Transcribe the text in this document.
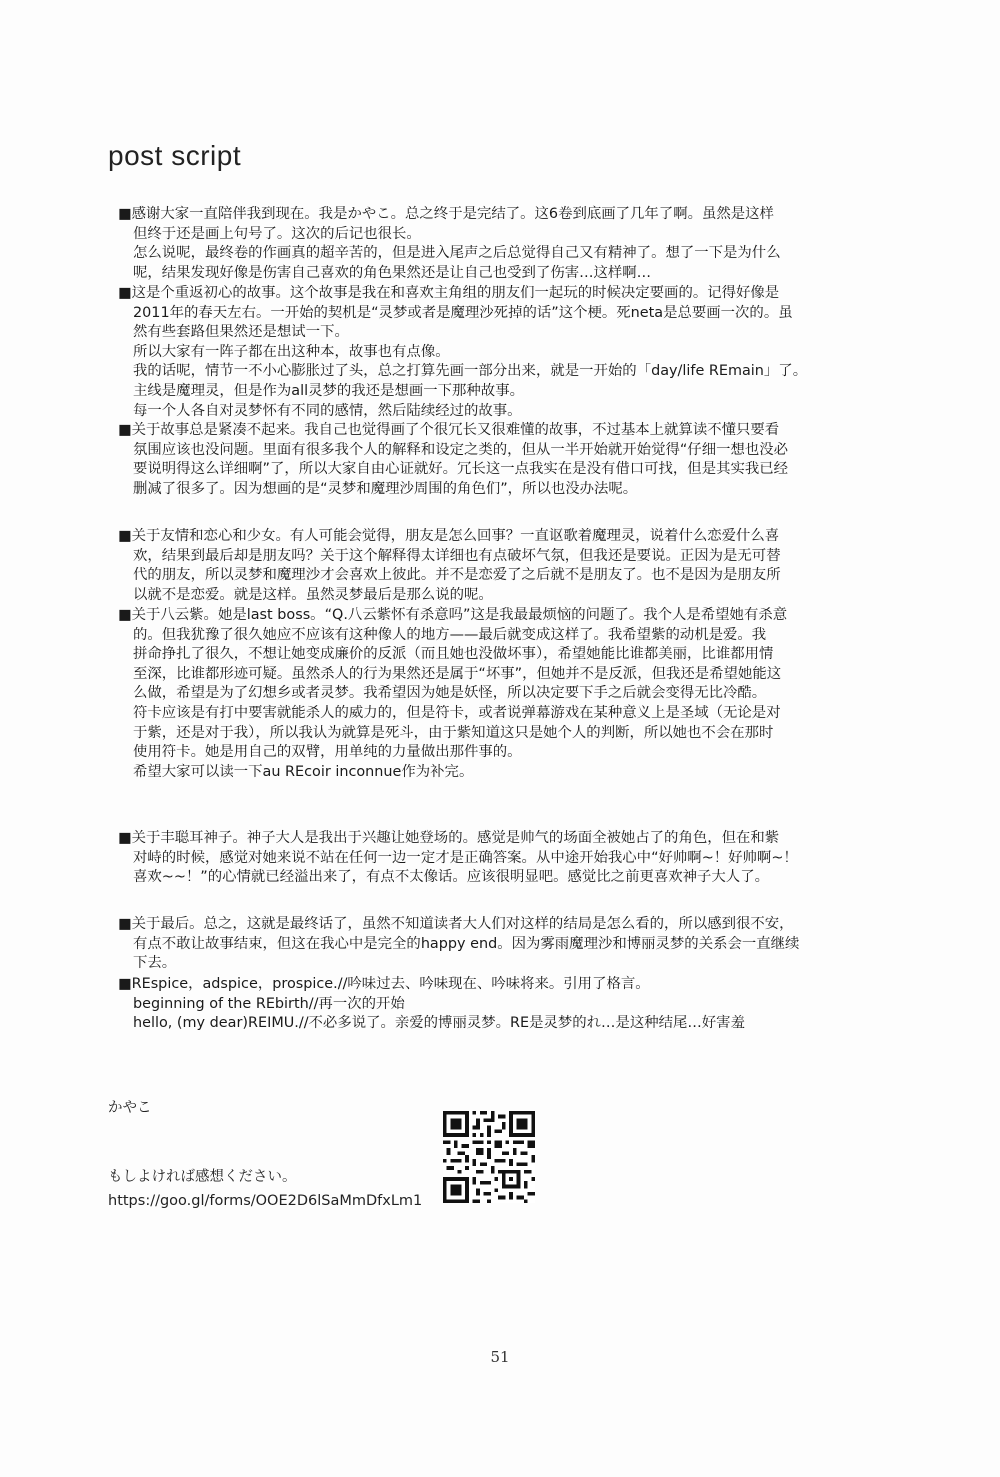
post script
■感谢大家一直陪伴我到现在。我是かやこ。总之终于是完结了。这6卷到底画了几年了啊。虽然是这样
但终于还是画上句号了。这次的后记也很长。
怎么说呢，最终卷的作画真的超辛苦的，但是进入尾声之后总觉得自己又有精神了。想了一下是为什么
呢，结果发现好像是伤害自己喜欢的角色果然还是让自己也受到了伤害…这样啊…
■这是个重返初心的故事。这个故事是我在和喜欢主角组的朋友们一起玩的时候决定要画的。记得好像是
2011年的春天左右。一开始的契机是“灵梦或者是魔理沙死掉的话”这个梗。死neta是总要画一次的。虽
然有些套路但果然还是想试一下。
所以大家有一阵子都在出这种本，故事也有点像。
我的话呢，情节一不小心膨胀过了头，总之打算先画一部分出来，就是一开始的「day/life REmain」了。
主线是魔理灵，但是作为all灵梦的我还是想画一下那种故事。
每一个人各自对灵梦怀有不同的感情，然后陆续经过的故事。
■关于故事总是紧凑不起来。我自己也觉得画了个很冗长又很难懂的故事，不过基本上就算读不懂只要看
氛围应该也没问题。里面有很多我个人的解释和设定之类的，但从一半开始就开始觉得“仔细一想也没必
要说明得这么详细啊”了，所以大家自由心证就好。冗长这一点我实在是没有借口可找，但是其实我已经
删减了很多了。因为想画的是“灵梦和魔理沙周围的角色们”，所以也没办法呢。
■关于友情和恋心和少女。有人可能会觉得，朋友是怎么回事？一直讴歌着魔理灵，说着什么恋爱什么喜
欢，结果到最后却是朋友吗？关于这个解释得太详细也有点破坏气氛，但我还是要说。正因为是无可替
代的朋友，所以灵梦和魔理沙才会喜欢上彼此。并不是恋爱了之后就不是朋友了。也不是因为是朋友所
以就不是恋爱。就是这样。虽然灵梦最后是那么说的呢。
■关于八云紫。她是last boss。“Q.八云紫怀有杀意吗”这是我最最烦恼的问题了。我个人是希望她有杀意
的。但我犹豫了很久她应不应该有这种像人的地方——最后就变成这样了。我希望紫的动机是爱。我
拼命挣扎了很久，不想让她变成廉价的反派（而且她也没做坏事），希望她能比谁都美丽，比谁都用情
至深，比谁都形迹可疑。虽然杀人的行为果然还是属于“坏事”，但她并不是反派，但我还是希望她能这
么做，希望是为了幻想乡或者灵梦。我希望因为她是妖怪，所以决定要下手之后就会变得无比冷酷。
符卡应该是有打中要害就能杀人的威力的，但是符卡，或者说弹幕游戏在某种意义上是圣域（无论是对
于紫，还是对于我），所以我认为就算是死斗，由于紫知道这只是她个人的判断，所以她也不会在那时
使用符卡。她是用自己的双臂，用单纯的力量做出那件事的。
希望大家可以读一下au REcoir inconnue作为补完。
■关于丰聪耳神子。神子大人是我出于兴趣让她登场的。感觉是帅气的场面全被她占了的角色，但在和紫
对峙的时候，感觉对她来说不站在任何一边一定才是正确答案。从中途开始我心中“好帅啊~！好帅啊~！
喜欢~~！”的心情就已经溢出来了，有点不太像话。应该很明显吧。感觉比之前更喜欢神子大人了。
■关于最后。总之，这就是最终话了，虽然不知道读者大人们对这样的结局是怎么看的，所以感到很不安，
有点不敢让故事结束，但这在我心中是完全的happy end。因为雾雨魔理沙和博丽灵梦的关系会一直继续
下去。
■REspice，adspice，prospice.//吟味过去、吟味现在、吟味将来。引用了格言。
beginning of the REbirth//再一次的开始
hello, (my dear)REIMU.//不必多说了。亲爱的博丽灵梦。RE是灵梦的れ…是这种结尾…好害羞
かやこ
もしよければ感想ください。
https://goo.gl/forms/OOE2D6lSaMmDfxLm1
51
